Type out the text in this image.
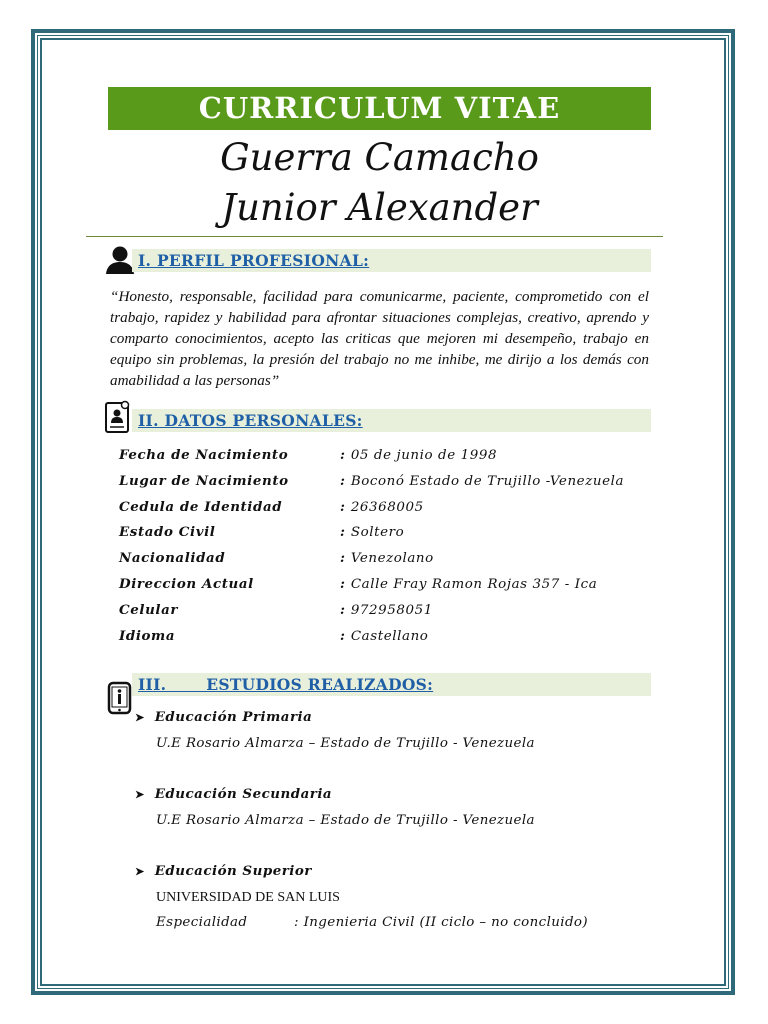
CURRICULUM VITAE
Guerra Camacho
Junior Alexander
I. PERFIL PROFESIONAL:
“Honesto, responsable, facilidad para comunicarme, paciente, comprometido con el trabajo, rapidez y habilidad para afrontar situaciones complejas, creativo, aprendo y comparto conocimientos, acepto las criticas que mejoren mi desempeño, trabajo en equipo sin problemas, la presión del trabajo no me inhibe, me dirijo a los demás con amabilidad a las personas”
II. DATOS PERSONALES:
Fecha de Nacimiento	: 05 de junio de 1998
Lugar de Nacimiento	: Boconó Estado de Trujillo -Venezuela
Cedula de Identidad	: 26368005
Estado Civil	: Soltero
Nacionalidad	: Venezolano
Direccion Actual	: Calle Fray Ramon Rojas 357 - Ica
Celular	: 972958051
Idioma	: Castellano
III.       ESTUDIOS REALIZADOS:
➤ Educación Primaria
U.E Rosario Almarza – Estado de Trujillo - Venezuela
➤ Educación Secundaria
U.E Rosario Almarza – Estado de Trujillo - Venezuela
➤ Educación Superior
UNIVERSIDAD DE SAN LUIS
Especialidad	: Ingenieria Civil (II ciclo – no concluido)
